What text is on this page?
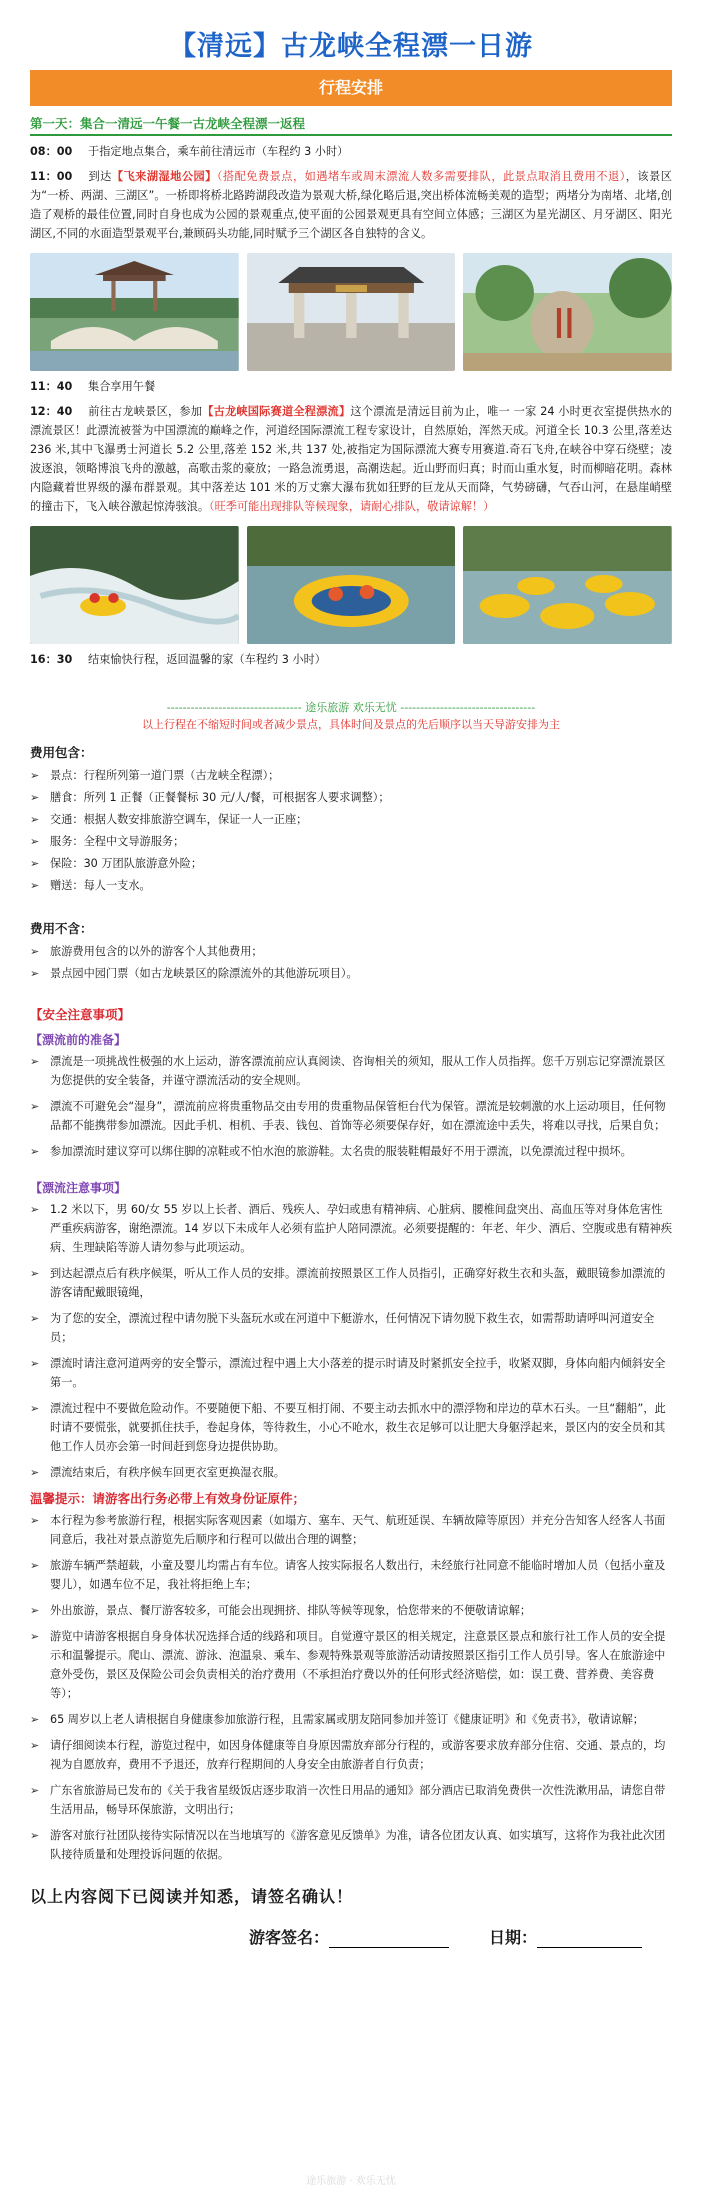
【清远】古龙峡全程漂一日游
行程安排
第一天：集合一清远一午餐一古龙峡全程漂一返程
08：00 于指定地点集合，乘车前往清远市（车程约 3 小时）
11：00 到达【飞来湖湿地公园】（搭配免费景点，如遇堵车或周末漂流人数多需要排队，此景点取消且费用不退），该景区为“一桥、两湖、三湖区”。一桥即将桥北路跨湖段改造为景观大桥,绿化略后退,突出桥体流畅美观的造型；两堵分为南堵、北堵,创造了观桥的最佳位置,同时自身也成为公园的景观重点,使平面的公园景观更具有空间立体感；三湖区为星光湖区、月牙湖区、阳光湖区,不同的水面造型景观平台,兼顾码头功能,同时赋予三个湖区各自独特的含义。
11：40 集合享用午餐
12：40 前往古龙峡景区，参加【古龙峡国际赛道全程漂流】这个漂流是清远目前为止，唯一 一家 24 小时更衣室提供热水的漂流景区！此漂流被誉为中国漂流的巅峰之作，河道经国际漂流工程专家设计，自然原始，浑然天成。河道全长 10.3 公里,落差达 236 米,其中飞瀑勇士河道长 5.2 公里,落差 152 米,共 137 处,被指定为国际漂流大赛专用赛道.奇石飞舟,在峡谷中穿石绕壁；凌波逐浪，领略博浪飞舟的激越，高歌击浆的豪放；一路急流勇退，高潮迭起。近山野而归真；时而山重水复，时而柳暗花明。森林内隐藏着世界级的瀑布群景观。其中落差达 101 米的万丈寨大瀑布犹如狂野的巨龙从天而降，气势磅礴，气吞山河，在悬崖峭壁的撞击下，飞入峡谷激起惊涛骇浪。（旺季可能出现排队等候现象，请耐心排队，敬请谅解！）
16：30 结束愉快行程，返回温馨的家（车程约 3 小时）
---------------------------------- 途乐旅游 欢乐无忧 ----------------------------------
以上行程在不缩短时间或者减少景点，具体时间及景点的先后顺序以当天导游安排为主
费用包含：
➢ 景点：行程所列第一道门票（古龙峡全程漂）；
➢ 膳食：所列 1 正餐（正餐餐标 30 元/人/餐，可根据客人要求调整）；
➢ 交通：根据人数安排旅游空调车，保证一人一正座；
➢ 服务：全程中文导游服务；
➢ 保险：30 万团队旅游意外险；
➢ 赠送：每人一支水。
费用不含：
➢ 旅游费用包含的以外的游客个人其他费用；
➢ 景点园中园门票（如古龙峡景区的除漂流外的其他游玩项目）。
【安全注意事项】
【漂流前的准备】
➢ 漂流是一项挑战性极强的水上运动，游客漂流前应认真阅读、咨询相关的须知，服从工作人员指挥。您千万别忘记穿漂流景区为您提供的安全装备，并谨守漂流活动的安全规则。
➢ 漂流不可避免会“湿身”，漂流前应将贵重物品交由专用的贵重物品保管柜台代为保管。漂流是较刺激的水上运动项目，任何物品都不能携带参加漂流。因此手机、相机、手表、钱包、首饰等必须要保存好，如在漂流途中丢失，将难以寻找，后果自负；
➢ 参加漂流时建议穿可以绑住脚的凉鞋或不怕水泡的旅游鞋。太名贵的服装鞋帽最好不用于漂流，以免漂流过程中损坏。
【漂流注意事项】
➢ 1.2 米以下，男 60/女 55 岁以上长者、酒后、残疾人、孕妇或患有精神病、心脏病、腰椎间盘突出、高血压等对身体危害性严重疾病游客，谢绝漂流。14 岁以下未成年人必须有监护人陪同漂流。必须要提醒的：年老、年少、酒后、空腹或患有精神疾病、生理缺陷等游人请勿参与此项运动。
➢ 到达起漂点后有秩序候渠，听从工作人员的安排。漂流前按照景区工作人员指引，正确穿好救生衣和头盔，戴眼镜参加漂流的游客请配戴眼镜绳，
➢ 为了您的安全，漂流过程中请勿脱下头盔玩水或在河道中下艇游水，任何情况下请勿脱下救生衣，如需帮助请呼叫河道安全员；
➢ 漂流时请注意河道两旁的安全警示，漂流过程中遇上大小落差的提示时请及时紧抓安全拉手，收紧双脚，身体向船内倾斜安全第一。
➢ 漂流过程中不要做危险动作。不要随便下船、不要互相打闹、不要主动去抓水中的漂浮物和岸边的草木石头。一旦“翻船”，此时请不要慌张，就要抓住扶手，卷起身体，等待救生，小心不呛水，救生衣足够可以让肥大身躯浮起来，景区内的安全员和其他工作人员亦会第一时间赶到您身边提供协助。
➢ 漂流结束后，有秩序候车回更衣室更换湿衣服。
温馨提示：请游客出行务必带上有效身份证原件；
➢ 本行程为参考旅游行程，根据实际客观因素（如塌方、塞车、天气、航班延误、车辆故障等原因）并充分告知客人经客人书面同意后，我社对景点游览先后顺序和行程可以做出合理的调整；
➢ 旅游车辆严禁超载，小童及婴儿均需占有车位。请客人按实际报名人数出行，未经旅行社同意不能临时增加人员（包括小童及婴儿），如遇车位不足，我社将拒绝上车；
➢ 外出旅游，景点、餐厅游客较多，可能会出现拥挤、排队等候等现象，恰您带来的不便敬请谅解；
➢ 游览中请游客根据自身身体状况选择合适的线路和项目。自觉遵守景区的相关规定，注意景区景点和旅行社工作人员的安全提示和温馨提示。爬山、漂流、游泳、泡温泉、乘车、参观特殊景观等旅游活动请按照景区指引工作人员引导。客人在旅游途中意外受伤，景区及保险公司会负责相关的治疗费用（不承担治疗费以外的任何形式经济赔偿，如：误工费、营养费、美容费等）；
➢ 65 周岁以上老人请根据自身健康参加旅游行程，且需家属或朋友陪同参加并签订《健康证明》和《免责书》，敬请谅解；
➢ 请仔细阅读本行程，游览过程中，如因身体健康等自身原因需放弃部分行程的，或游客要求放弃部分住宿、交通、景点的，均视为自愿放弃，费用不予退还，放弃行程期间的人身安全由旅游者自行负责；
➢ 广东省旅游局已发布的《关于我省星级饭店逐步取消一次性日用品的通知》部分酒店已取消免费供一次性洗漱用品，请您自带生活用品，畅导环保旅游，文明出行；
➢ 游客对旅行社团队接待实际情况以在当地填写的《游客意见反馈单》为准，请各位团友认真、如实填写，这将作为我社此次团队接待质量和处理投诉问题的依据。
以上内容阅下已阅读并知悉，请签名确认！
游客签名：	日期：
途乐旅游 · 欢乐无忧
